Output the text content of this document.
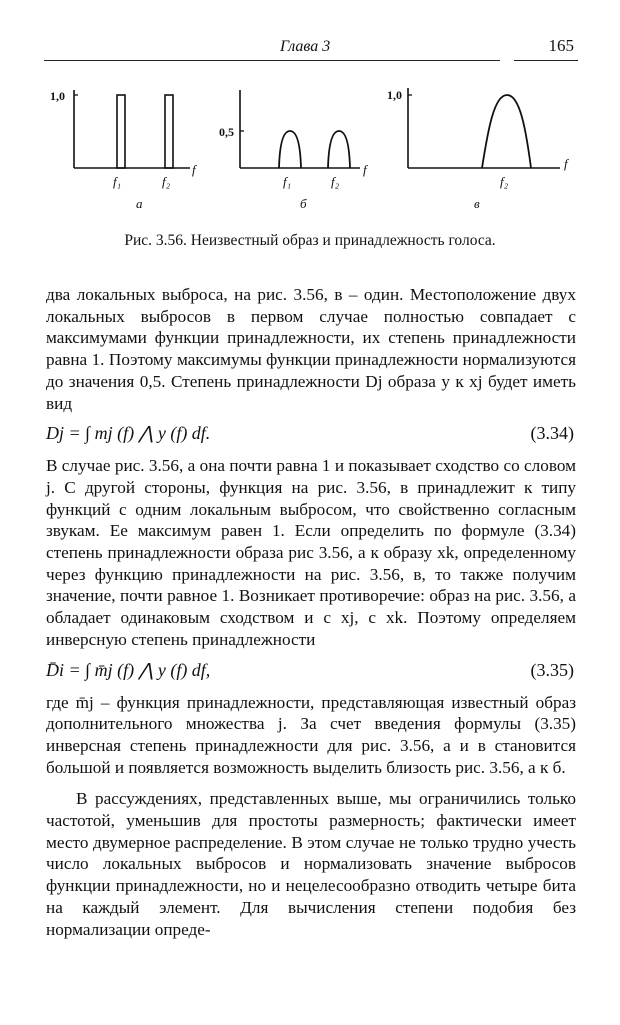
Глава 3	165
1,0
f₁	f₂
f
а
0,5
f₁	f₂
f
б
1,0
f₂
f
в
Рис. 3.56. Неизвестный образ и принадлежность голоса.

два локальных выброса, на рис. 3.56, в – один. Местоположение двух локальных выбросов в первом случае полностью совпадает с максимумами функции принадлежности, их степень принадлежности равна 1. Поэтому максимумы функции принадлежности нормализуются до значения 0,5. Степень принадлежности Dj образа y к xj будет иметь вид

Dj = ∫ mj (f) ⋀ y (f) df.	(3.34)

В случае рис. 3.56, а она почти равна 1 и показывает сходство со словом j. С другой стороны, функция на рис. 3.56, в принадлежит к типу функций с одним локальным выбросом, что свойственно согласным звукам. Ее максимум равен 1. Если определить по формуле (3.34) степень принадлежности образа рис 3.56, а к образу xk, определенному через функцию принадлежности на рис. 3.56, в, то также получим значение, почти равное 1. Возникает противоречие: образ на рис. 3.56, а обладает одинаковым сходством и с xj, с xk. Поэтому определяем инверсную степень принадлежности

D̄i = ∫ m̄j (f) ⋀ y (f) df,	(3.35)

где m̄j – функция принадлежности, представляющая известный образ дополнительного множества j. За счет введения формулы (3.35) инверсная степень принадлежности для рис. 3.56, а и в становится большой и появляется возможность выделить близость рис. 3.56, а к б.

В рассуждениях, представленных выше, мы ограничились только частотой, уменьшив для простоты размерность; фактически имеет место двумерное распределение. В этом случае не только трудно учесть число локальных выбросов и нормализовать значение выбросов функции принадлежности, но и нецелесообразно отводить четыре бита на каждый элемент. Для вычисления степени подобия без нормализации опреде-
